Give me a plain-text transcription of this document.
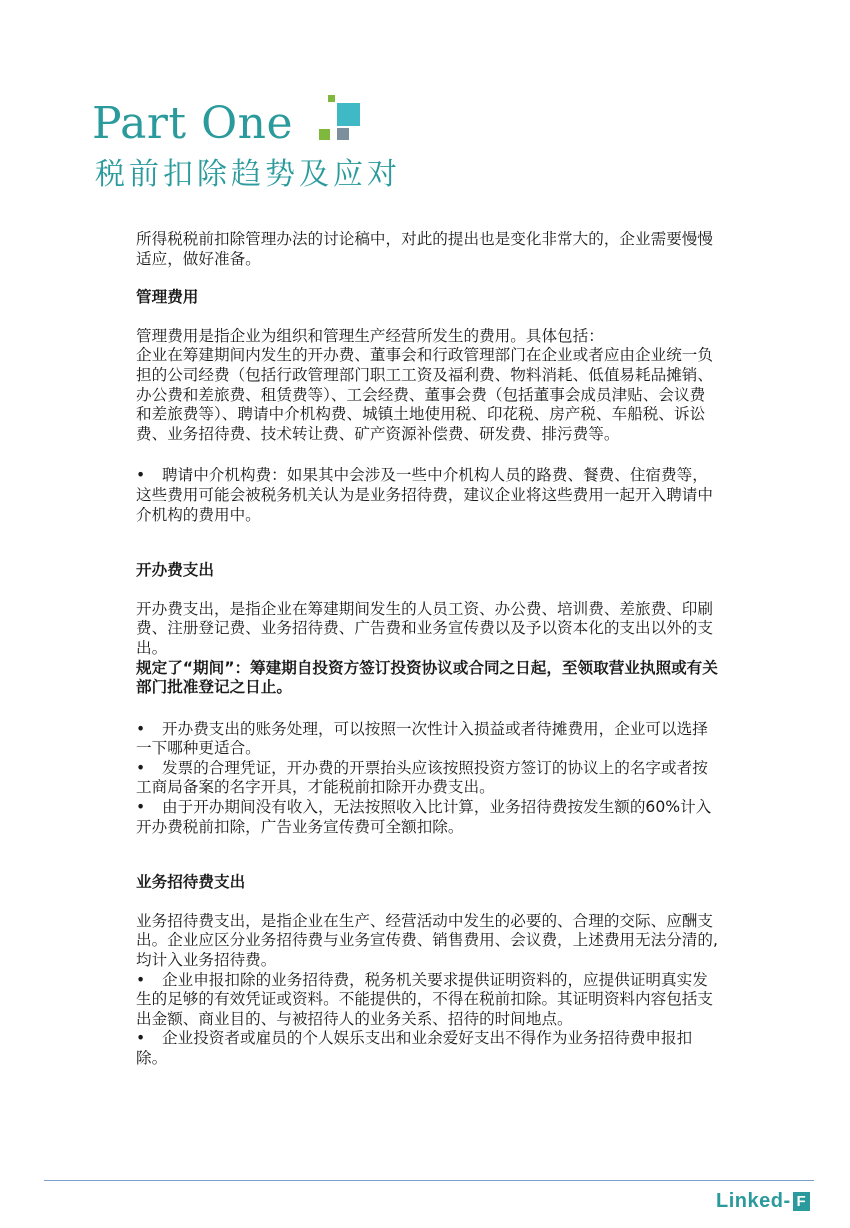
Part One
税前扣除趋势及应对

所得税税前扣除管理办法的讨论稿中，对此的提出也是变化非常大的，企业需要慢慢适应，做好准备。

管理费用

管理费用是指企业为组织和管理生产经营所发生的费用。具体包括：

企业在筹建期间内发生的开办费、董事会和行政管理部门在企业或者应由企业统一负担的公司经费（包括行政管理部门职工工资及福利费、物料消耗、低值易耗品摊销、办公费和差旅费、租赁费等）、工会经费、董事会费（包括董事会成员津贴、会议费和差旅费等）、聘请中介机构费、城镇土地使用税、印花税、房产税、车船税、诉讼费、业务招待费、技术转让费、矿产资源补偿费、研发费、排污费等。

• 聘请中介机构费：如果其中会涉及一些中介机构人员的路费、餐费、住宿费等，这些费用可能会被税务机关认为是业务招待费，建议企业将这些费用一起开入聘请中介机构的费用中。

开办费支出

开办费支出，是指企业在筹建期间发生的人员工资、办公费、培训费、差旅费、印刷费、注册登记费、业务招待费、广告费和业务宣传费以及予以资本化的支出以外的支出。

规定了“期间”：筹建期自投资方签订投资协议或合同之日起，至领取营业执照或有关部门批准登记之日止。

• 开办费支出的账务处理，可以按照一次性计入损益或者待摊费用，企业可以选择一下哪种更适合。

• 发票的合理凭证，开办费的开票抬头应该按照投资方签订的协议上的名字或者按工商局备案的名字开具，才能税前扣除开办费支出。

• 由于开办期间没有收入，无法按照收入比计算，业务招待费按发生额的60%计入开办费税前扣除，广告业务宣传费可全额扣除。

业务招待费支出

业务招待费支出，是指企业在生产、经营活动中发生的必要的、合理的交际、应酬支出。企业应区分业务招待费与业务宣传费、销售费用、会议费，上述费用无法分清的,均计入业务招待费。

• 企业申报扣除的业务招待费，税务机关要求提供证明资料的，应提供证明真实发生的足够的有效凭证或资料。不能提供的，不得在税前扣除。其证明资料内容包括支出金额、商业目的、与被招待人的业务关系、招待的时间地点。

• 企业投资者或雇员的个人娱乐支出和业余爱好支出不得作为业务招待费申报扣除。

Linked- F
